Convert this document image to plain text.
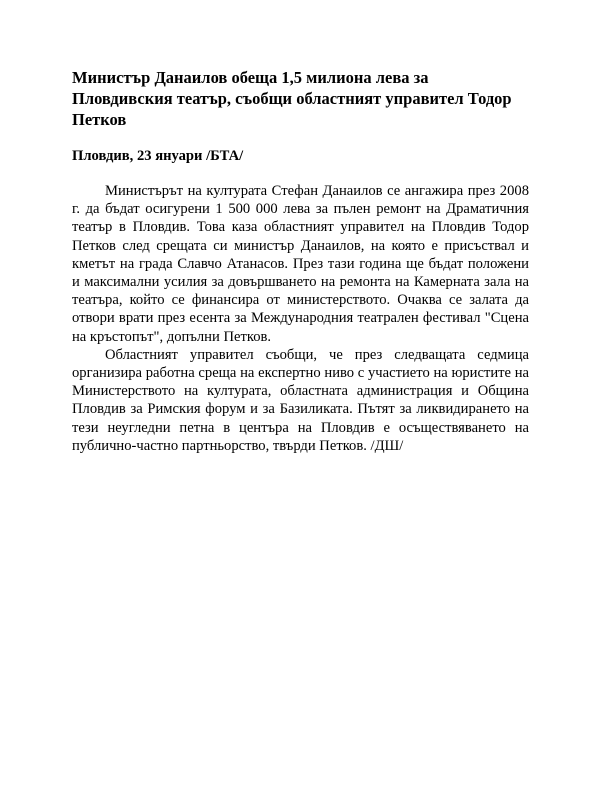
Министър Данаилов обеща 1,5 милиона лева за Пловдивския театър, съобщи областният управител Тодор Петков

Пловдив, 23 януари /БТА/

Министърът на културата Стефан Данаилов се ангажира през 2008 г. да бъдат осигурени 1 500 000 лева за пълен ремонт на Драматичния театър в Пловдив. Това каза областният управител на Пловдив Тодор Петков след срещата си министър Данаилов, на която е присъствал и кметът на града Славчо Атанасов. През тази година ще бъдат положени и максимални усилия за довършването на ремонта на Камерната зала на театъра, който се финансира от министерството. Очаква се залата да отвори врати през есента за Международния театрален фестивал "Сцена на кръстопът", допълни Петков.

Областният управител съобщи, че през следващата седмица организира работна среща на експертно ниво с участието на юристите на Министерството на културата, областната администрация и Община Пловдив за Римския форум и за Базиликата. Пътят за ликвидирането на тези неугледни петна в центъра на Пловдив е осъществяването на публично-частно партньорство, твърди Петков. /ДШ/
